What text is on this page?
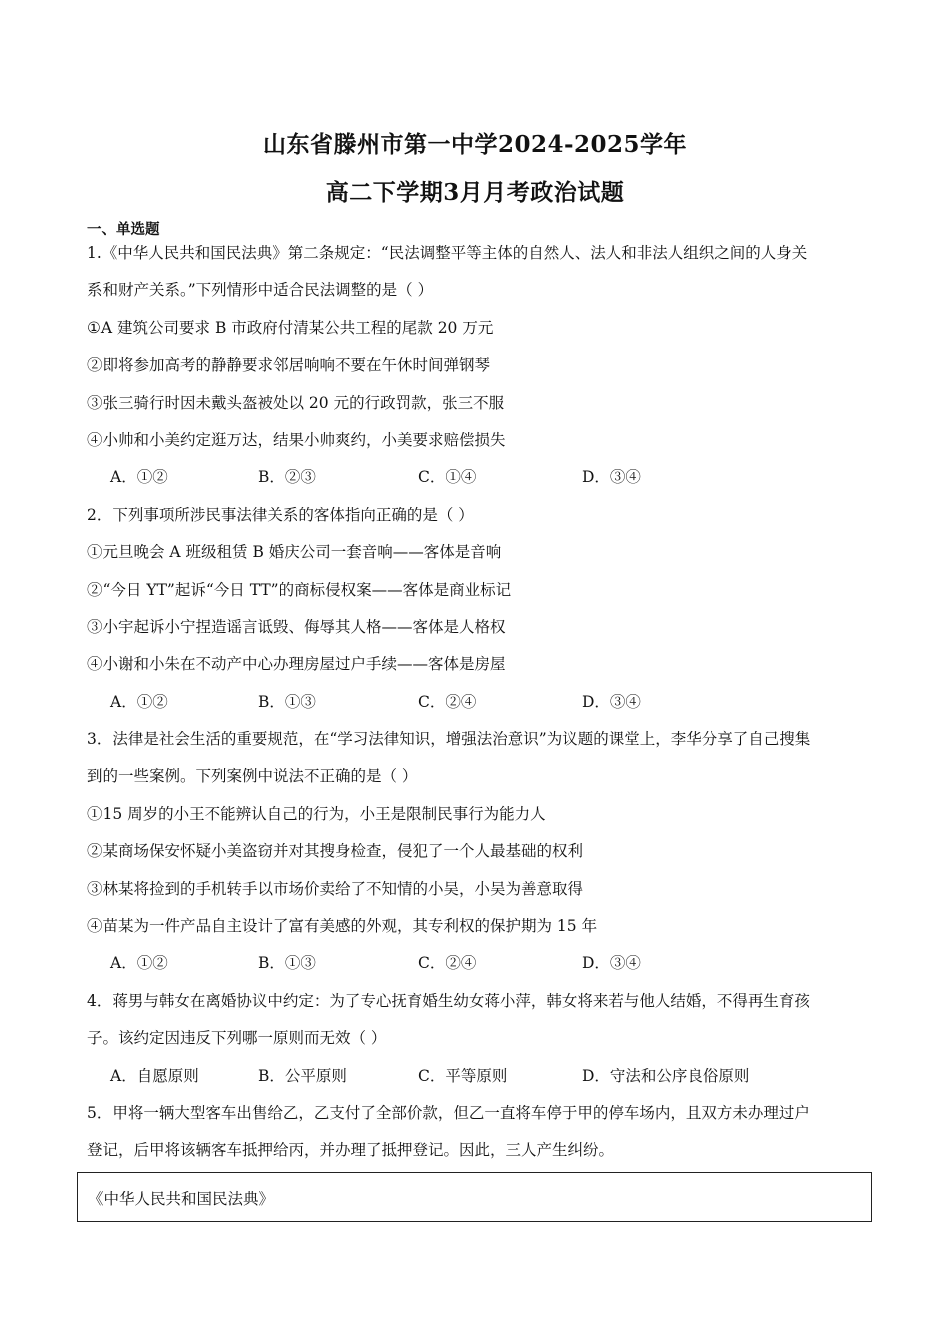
山东省滕州市第一中学2024-2025学年
高二下学期3月月考政治试题
一、单选题
1.《中华人民共和国民法典》第二条规定：“民法调整平等主体的自然人、法人和非法人组织之间的人身关
系和财产关系。”下列情形中适合民法调整的是（ ）
①A 建筑公司要求 B 市政府付清某公共工程的尾款 20 万元
②即将参加高考的静静要求邻居响响不要在午休时间弹钢琴
③张三骑行时因未戴头盔被处以 20 元的行政罚款，张三不服
④小帅和小美约定逛万达，结果小帅爽约，小美要求赔偿损失
A．①②	B．②③	C．①④	D．③④
2．下列事项所涉民事法律关系的客体指向正确的是（ ）
①元旦晚会 A 班级租赁 B 婚庆公司一套音响——客体是音响
②“今日 YT”起诉“今日 TT”的商标侵权案——客体是商业标记
③小宇起诉小宁捏造谣言诋毁、侮辱其人格——客体是人格权
④小谢和小朱在不动产中心办理房屋过户手续——客体是房屋
A．①②	B．①③	C．②④	D．③④
3．法律是社会生活的重要规范，在“学习法律知识，增强法治意识”为议题的课堂上，李华分享了自己搜集
到的一些案例。下列案例中说法不正确的是（ ）
①15 周岁的小王不能辨认自己的行为，小王是限制民事行为能力人
②某商场保安怀疑小美盗窃并对其搜身检查，侵犯了一个人最基础的权利
③林某将捡到的手机转手以市场价卖给了不知情的小吴，小吴为善意取得
④苗某为一件产品自主设计了富有美感的外观，其专利权的保护期为 15 年
A．①②	B．①③	C．②④	D．③④
4．蒋男与韩女在离婚协议中约定：为了专心抚育婚生幼女蒋小萍，韩女将来若与他人结婚，不得再生育孩
子。该约定因违反下列哪一原则而无效（ ）
A．自愿原则	B．公平原则	C．平等原则	D．守法和公序良俗原则
5．甲将一辆大型客车出售给乙，乙支付了全部价款，但乙一直将车停于甲的停车场内，且双方未办理过户
登记，后甲将该辆客车抵押给丙，并办理了抵押登记。因此，三人产生纠纷。
《中华人民共和国民法典》
